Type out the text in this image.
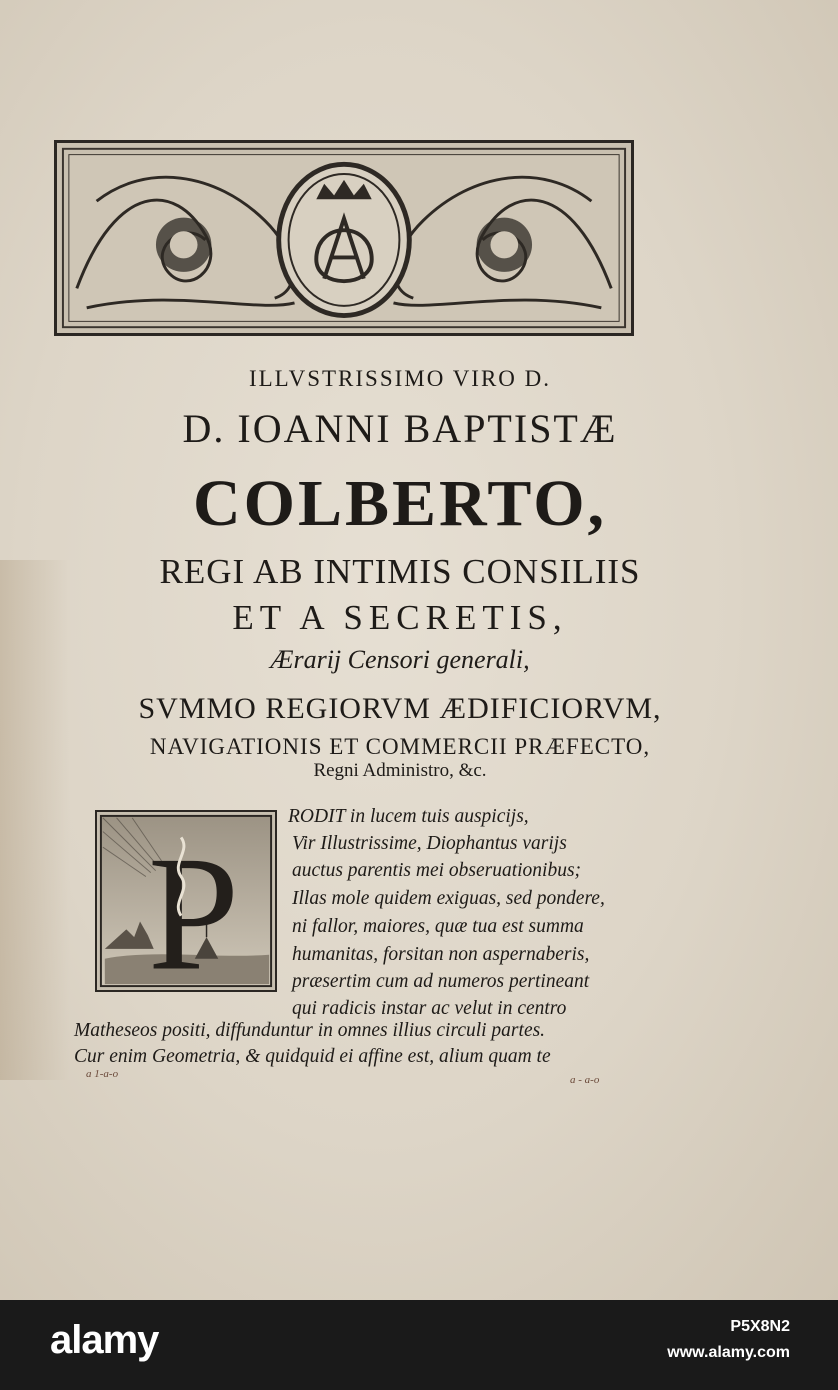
ILLVSTRISSIMO VIRO D.
D. IOANNI BAPTISTÆ
COLBERTO,
REGI AB INTIMIS CONSILIIS
ET A SECRETIS,
Ærarij Censori generali,
SVMMO REGIORVM ÆDIFICIORVM,
NAVIGATIONIS ET COMMERCII PRÆFECTO,
Regni Administro, &c.
P
RODIT in lucem tuis auspicijs,
Vir Illustrissime, Diophantus varijs
auctus parentis mei obseruationibus;
Illas mole quidem exiguas, sed pondere,
ni fallor, maiores, quæ tua est summa
humanitas, forsitan non aspernaberis,
præsertim cum ad numeros pertineant
qui radicis instar ac velut in centro
Matheseos positi, diffunduntur in omnes illius circuli partes.
Cur enim Geometria, & quidquid ei affine est, alium quam te
a 1-a-o	a - a-o
alamy	P5X8N2
www.alamy.com
